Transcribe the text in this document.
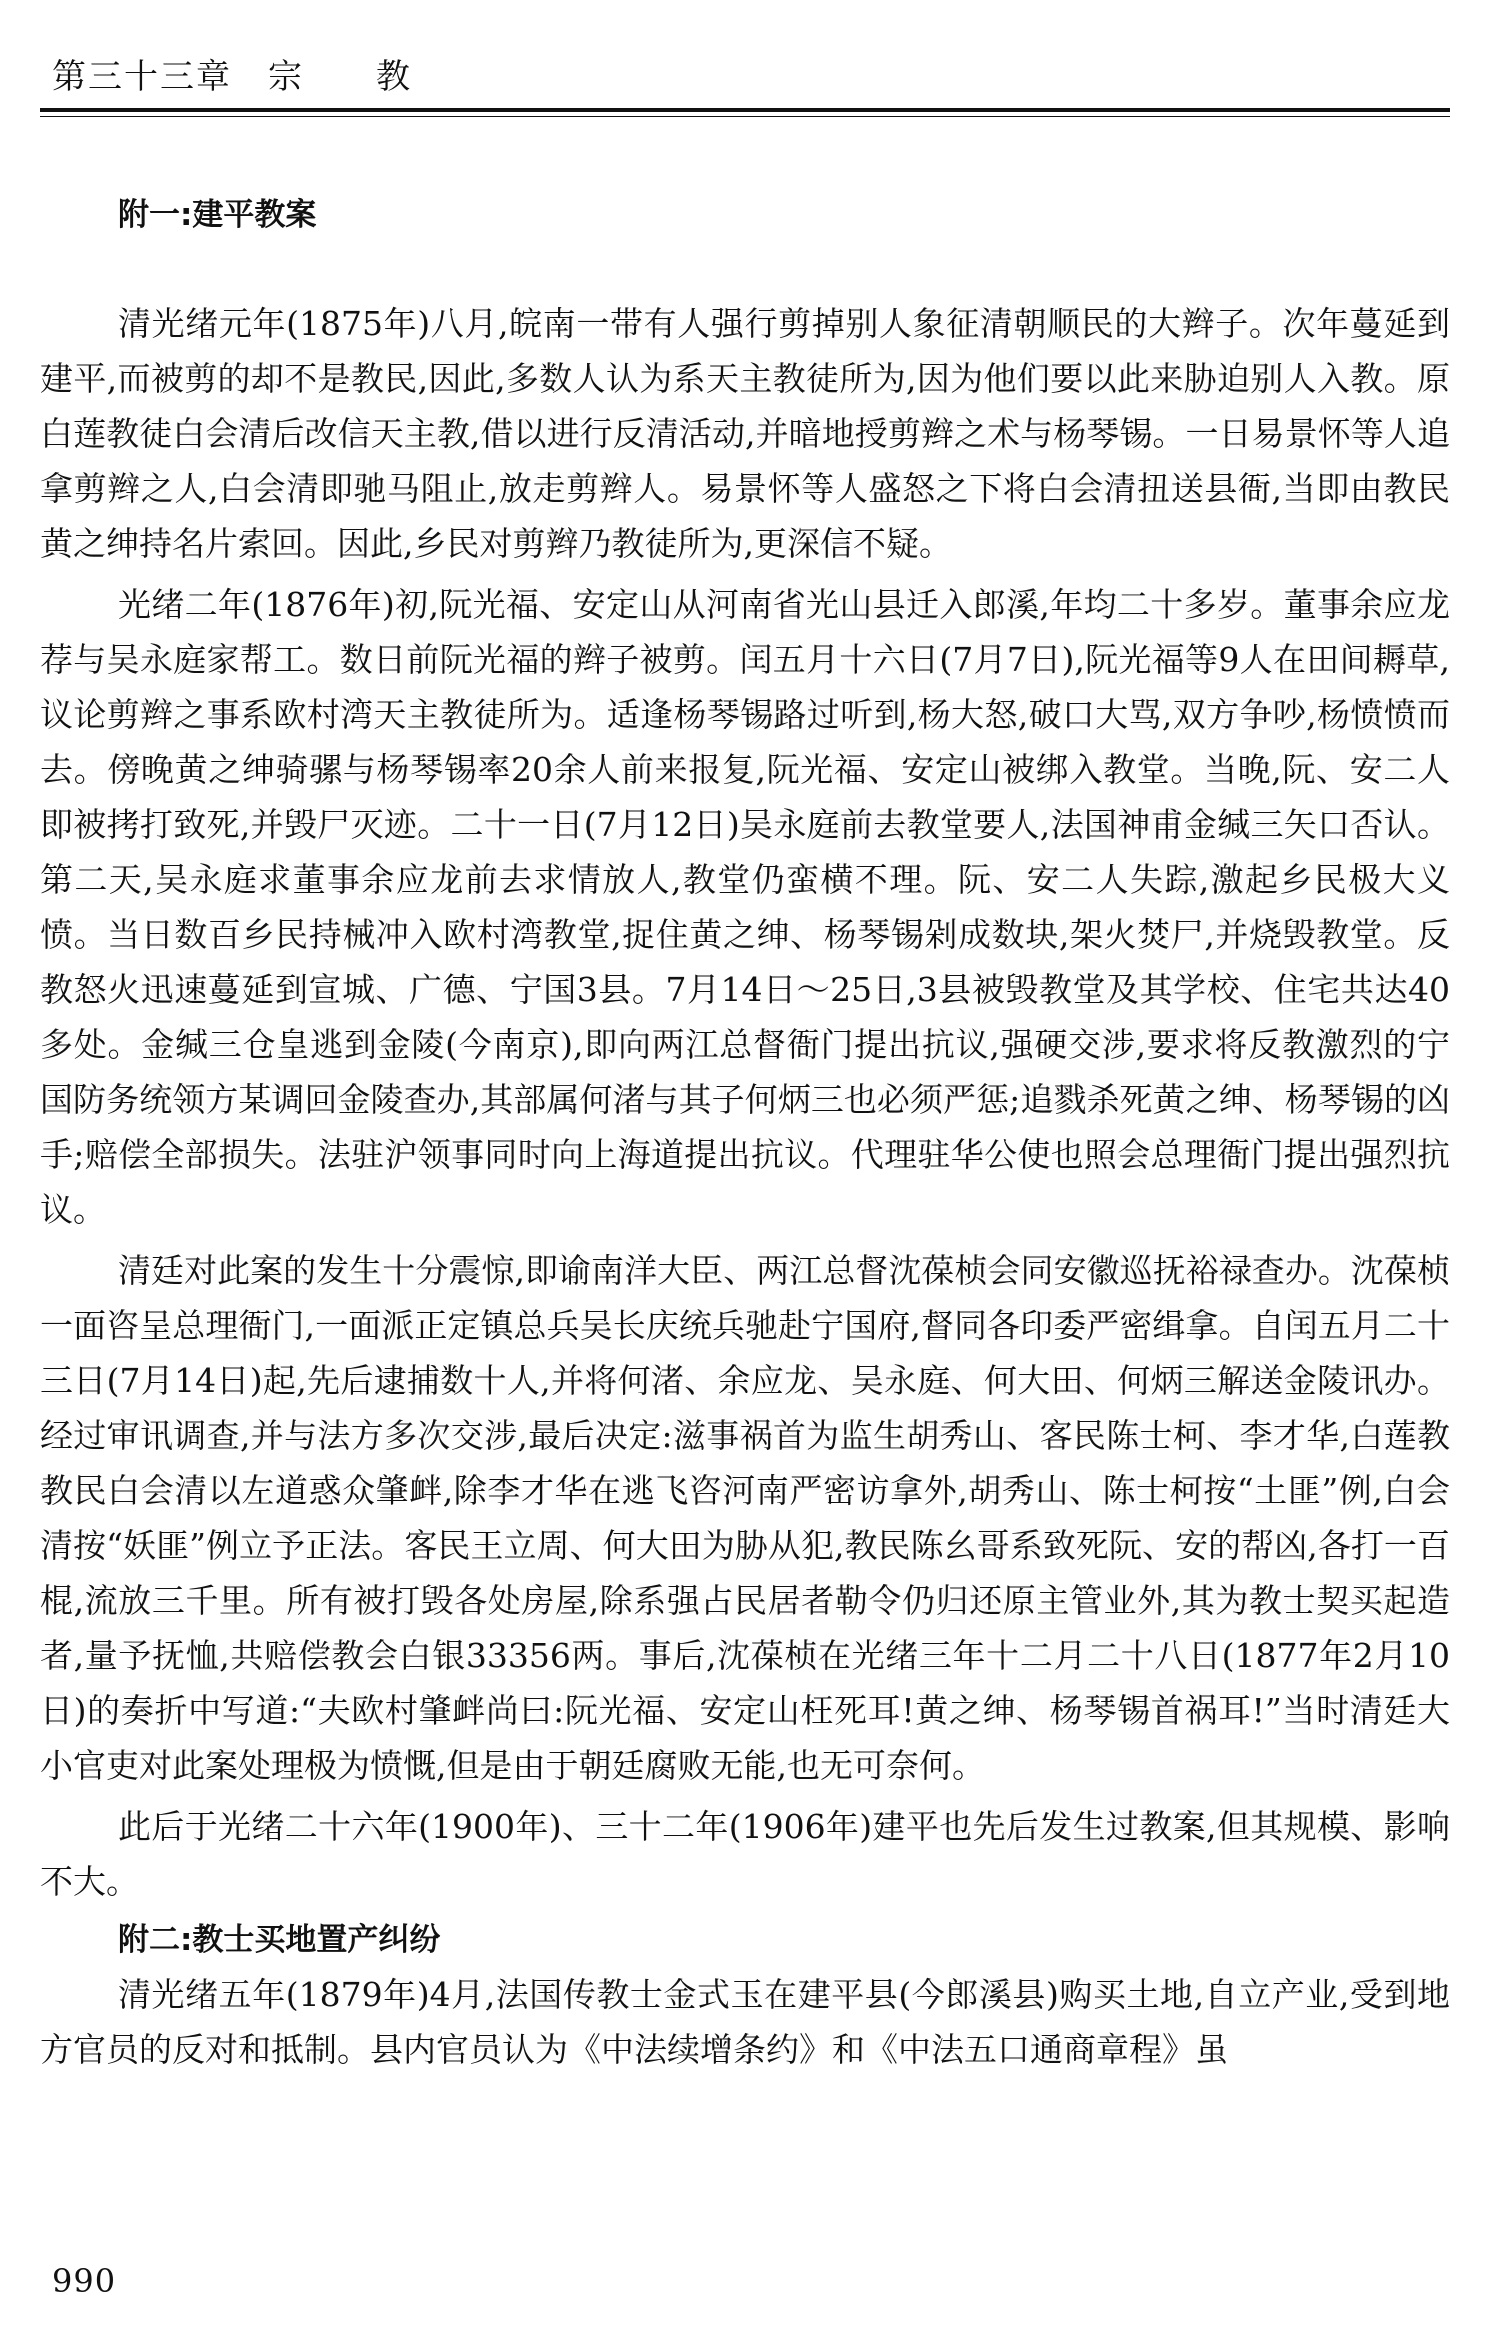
第三十三章　宗　　教
附一:建平教案

清光绪元年(1875年)八月,皖南一带有人强行剪掉别人象征清朝顺民的大辫子。次年蔓延到建平,而被剪的却不是教民,因此,多数人认为系天主教徒所为,因为他们要以此来胁迫别人入教。原白莲教徒白会清后改信天主教,借以进行反清活动,并暗地授剪辫之术与杨琴锡。一日易景怀等人追拿剪辫之人,白会清即驰马阻止,放走剪辫人。易景怀等人盛怒之下将白会清扭送县衙,当即由教民黄之绅持名片索回。因此,乡民对剪辫乃教徒所为,更深信不疑。

光绪二年(1876年)初,阮光福、安定山从河南省光山县迁入郎溪,年均二十多岁。董事余应龙荐与吴永庭家帮工。数日前阮光福的辫子被剪。闰五月十六日(7月7日),阮光福等9人在田间耨草,议论剪辫之事系欧村湾天主教徒所为。适逢杨琴锡路过听到,杨大怒,破口大骂,双方争吵,杨愤愤而去。傍晚黄之绅骑骡与杨琴锡率20余人前来报复,阮光福、安定山被绑入教堂。当晚,阮、安二人即被拷打致死,并毁尸灭迹。二十一日(7月12日)吴永庭前去教堂要人,法国神甫金缄三矢口否认。第二天,吴永庭求董事余应龙前去求情放人,教堂仍蛮横不理。阮、安二人失踪,激起乡民极大义愤。当日数百乡民持械冲入欧村湾教堂,捉住黄之绅、杨琴锡剁成数块,架火焚尸,并烧毁教堂。反教怒火迅速蔓延到宣城、广德、宁国3县。7月14日～25日,3县被毁教堂及其学校、住宅共达40多处。金缄三仓皇逃到金陵(今南京),即向两江总督衙门提出抗议,强硬交涉,要求将反教激烈的宁国防务统领方某调回金陵查办,其部属何渚与其子何炳三也必须严惩;追戮杀死黄之绅、杨琴锡的凶手;赔偿全部损失。法驻沪领事同时向上海道提出抗议。代理驻华公使也照会总理衙门提出强烈抗议。

清廷对此案的发生十分震惊,即谕南洋大臣、两江总督沈葆桢会同安徽巡抚裕禄查办。沈葆桢一面咨呈总理衙门,一面派正定镇总兵吴长庆统兵驰赴宁国府,督同各印委严密缉拿。自闰五月二十三日(7月14日)起,先后逮捕数十人,并将何渚、余应龙、吴永庭、何大田、何炳三解送金陵讯办。经过审讯调查,并与法方多次交涉,最后决定:滋事祸首为监生胡秀山、客民陈士柯、李才华,白莲教教民白会清以左道惑众肇衅,除李才华在逃飞咨河南严密访拿外,胡秀山、陈士柯按“土匪”例,白会清按“妖匪”例立予正法。客民王立周、何大田为胁从犯,教民陈幺哥系致死阮、安的帮凶,各打一百棍,流放三千里。所有被打毁各处房屋,除系强占民居者勒令仍归还原主管业外,其为教士契买起造者,量予抚恤,共赔偿教会白银33356两。事后,沈葆桢在光绪三年十二月二十八日(1877年2月10日)的奏折中写道:“夫欧村肇衅尚曰:阮光福、安定山枉死耳!黄之绅、杨琴锡首祸耳!”当时清廷大小官吏对此案处理极为愤慨,但是由于朝廷腐败无能,也无可奈何。

此后于光绪二十六年(1900年)、三十二年(1906年)建平也先后发生过教案,但其规模、影响不大。

附二:教士买地置产纠纷

清光绪五年(1879年)4月,法国传教士金式玉在建平县(今郎溪县)购买土地,自立产业,受到地方官员的反对和抵制。县内官员认为《中法续增条约》和《中法五口通商章程》虽

990
